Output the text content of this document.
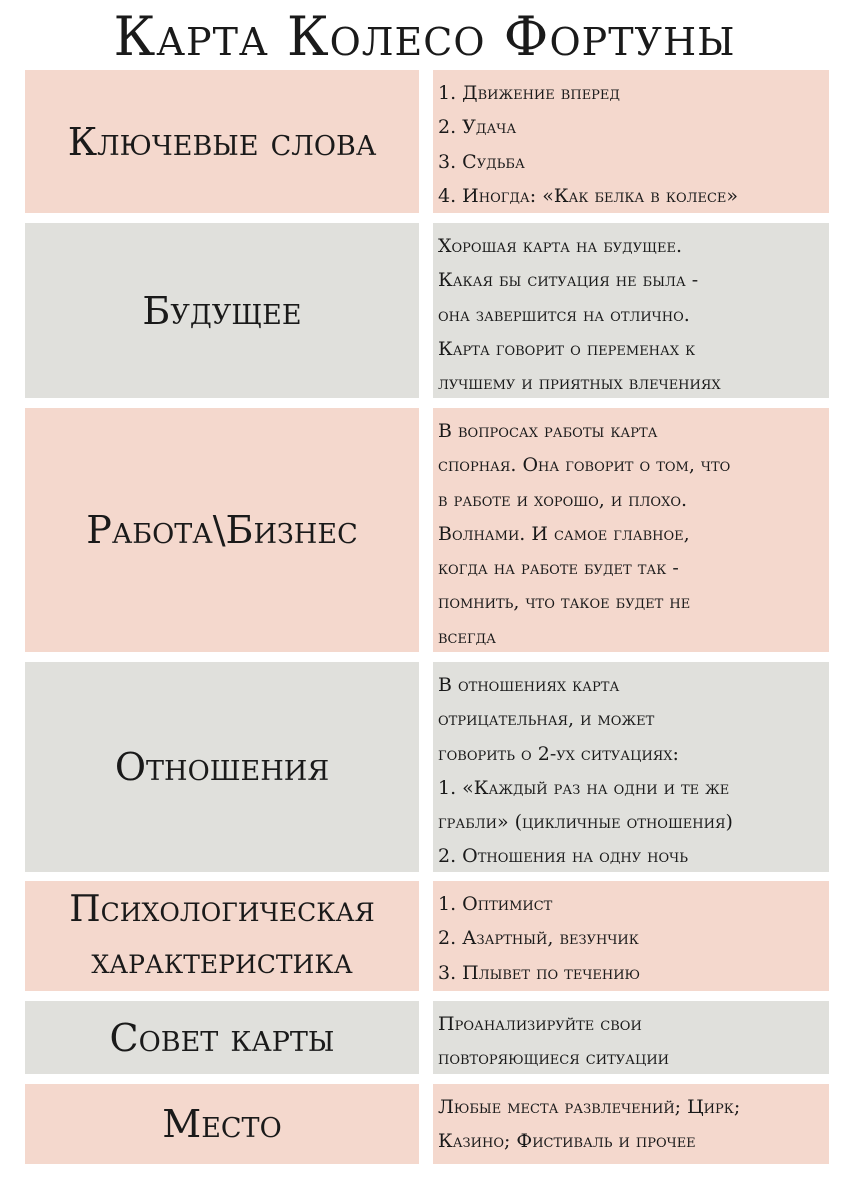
Карта Колесо Фортуны
Ключевые слова
1. Движение вперед
2. Удача
3. Судьба
4. Иногда: «Как белка в колесе»
Будущее
Хорошая карта на будущее.
Какая бы ситуация не была -
она завершится на отлично.
Карта говорит о переменах к
лучшему и приятных влечениях
Работа\Бизнес
В вопросах работы карта
спорная. Она говорит о том, что
в работе и хорошо, и плохо.
Волнами. И самое главное,
когда на работе будет так -
помнить, что такое будет не
всегда
Отношения
В отношениях карта
отрицательная, и может
говорить о 2-ух ситуациях:
1. «Каждый раз на одни и те же
грабли» (цикличные отношения)
2. Отношения на одну ночь
Психологическая характеристика
1. Оптимист
2. Азартный, везунчик
3. Плывет по течению
Совет карты	Проанализируйте свои
повторяющиеся ситуации
Место	Любые места развлечений; Цирк;
Казино; Фистиваль и прочее
